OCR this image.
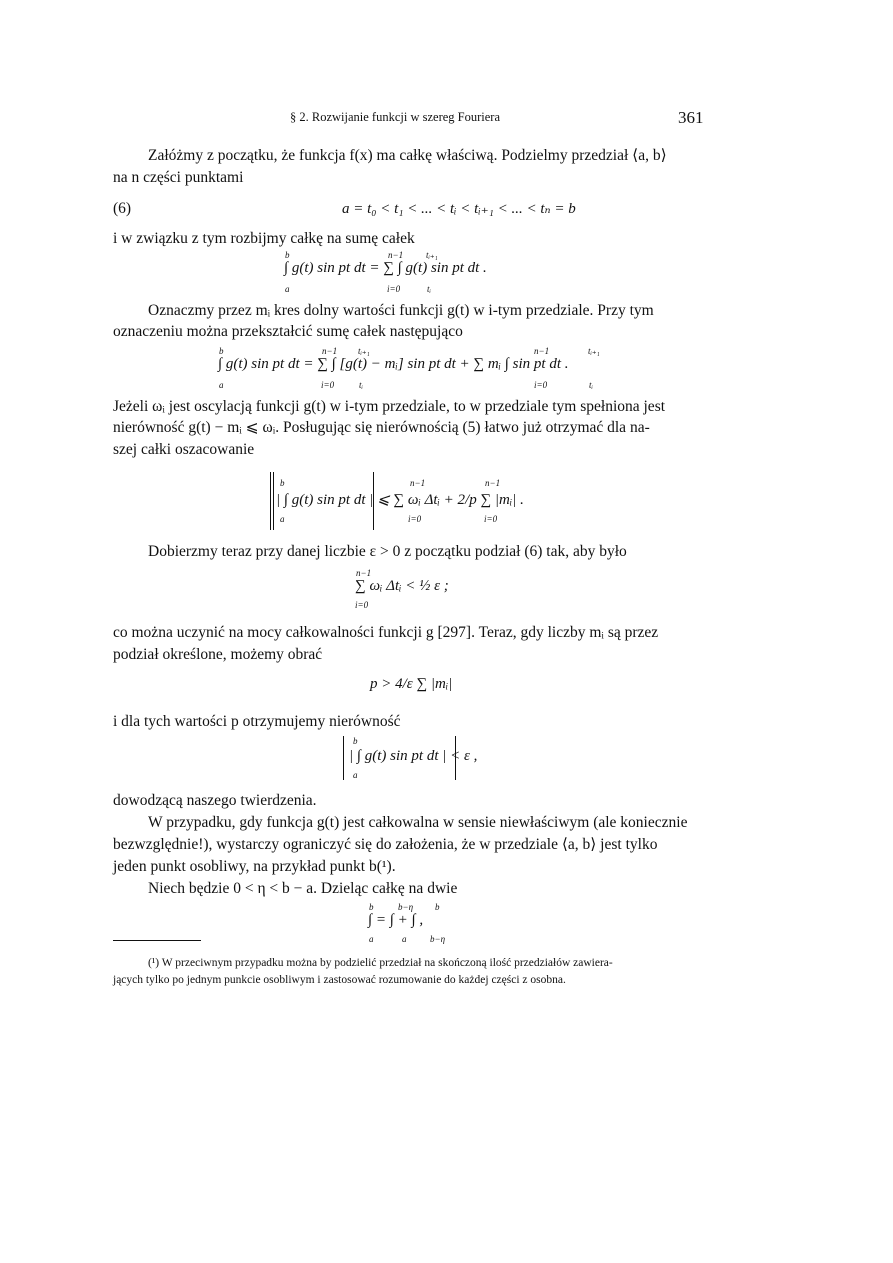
§ 2. Rozwijanie funkcji w szereg Fouriera	361
Załóżmy z początku, że funkcja f(x) ma całkę właściwą. Podzielmy przedział ⟨a, b⟩
na n części punktami
(6)	a = t₀ < t₁ < ... < tᵢ < tᵢ₊₁ < ... < tₙ = b
i w związku z tym rozbijmy całkę na sumę całek
b	n−1	tᵢ₊₁
∫ g(t) sin pt dt = ∑ ∫ g(t) sin pt dt .
a	i=0	tᵢ
Oznaczmy przez mᵢ kres dolny wartości funkcji g(t) w i-tym przedziale. Przy tym
oznaczeniu można przekształcić sumę całek następująco
b	n−1 tᵢ₊₁	n−1	tᵢ₊₁
∫ g(t) sin pt dt = ∑ ∫ [g(t) − mᵢ] sin pt dt + ∑ mᵢ ∫ sin pt dt .
a	i=0	tᵢ	i=0	tᵢ
Jeżeli ωᵢ jest oscylacją funkcji g(t) w i-tym przedziale, to w przedziale tym spełniona jest
nierówność g(t) − mᵢ ⩽ ωᵢ. Posługując się nierównością (5) łatwo już otrzymać dla na-
szej całki oszacowanie
b	n−1	n−1
| ∫ g(t) sin pt dt | ⩽ ∑ ωᵢ Δtᵢ + 2/p ∑ |mᵢ| .
a	i=0	i=0
Dobierzmy teraz przy danej liczbie ε > 0 z początku podział (6) tak, aby było
n−1
∑ ωᵢ Δtᵢ < ½ ε ;
i=0
co można uczynić na mocy całkowalności funkcji g [297]. Teraz, gdy liczby mᵢ są przez
podział określone, możemy obrać
p > 4/ε ∑ |mᵢ|
i dla tych wartości p otrzymujemy nierówność
b
| ∫ g(t) sin pt dt | < ε ,
a
dowodzącą naszego twierdzenia.
W przypadku, gdy funkcja g(t) jest całkowalna w sensie niewłaściwym (ale koniecznie
bezwzględnie!), wystarczy ograniczyć się do założenia, że w przedziale ⟨a, b⟩ jest tylko
jeden punkt osobliwy, na przykład punkt b(¹).
Niech będzie 0 < η < b − a. Dzieląc całkę na dwie
b	b−η b
∫ = ∫ + ∫ ,
a	a	b−η
(¹) W przeciwnym przypadku można by podzielić przedział na skończoną ilość przedziałów zawiera-
jących tylko po jednym punkcie osobliwym i zastosować rozumowanie do każdej części z osobna.
